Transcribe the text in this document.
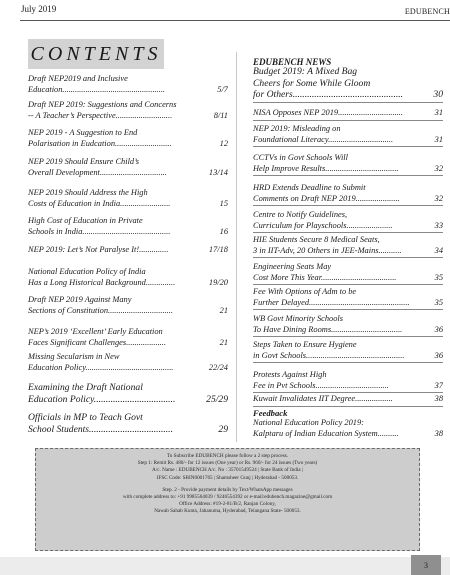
July 2019	EDUBENCH
CONTENTS
Draft NEP2019 and Inclusive
5/7
Education.................................................
Draft NEP 2019: Suggestions and Concerns
8/11
-- A Teacher’s Perspective...........................
NEP 2019 - A Suggestion to End
12
Polarisation in Eudcation...........................
NEP 2019 Should Ensure Child’s
13/14
Overall Development................................
NEP 2019 Should Address the High
15
Costs of Education in India........................
High Cost of Education in Private
16
Schools in India..........................................
17/18
NEP 2019: Let’s Not Paralyse It!..............
National Education Policy of India
19/20
Has a Long Historical Background..............
Draft NEP 2019 Against Many
21
Sections of Constitution...............................
NEP’s 2019 ‘Excellent’ Early Education
21
Faces Significant Challenges...................
Missing Secularism in New
22/24
Education Policy..........................................
Examining the Draft National
25/29
Education Policy..................................
Officials in MP to Teach Govt
29
School Students...................................
EDUBENCH NEWS
Feedback
Budget 2019: A Mixed Bag
Cheers for Some While Gloom
30
for Others..............................................
31
NISA Opposes NEP 2019...............................
NEP 2019: Misleading on
31
Foundational Literacy...............................
CCTVs in Govt Schools Will
32
Help Improve Results...................................
HRD Extends Deadline to Submit
32
Comments on Draft NEP 2019.....................
Centre to Notify Guidelines,
33
Curriculum for Playschools......................
HIE Students Secure 8 Medical Seats,
34
3 in IIT-Adv, 20 Others in JEE-Mains...........
Engineering Seats May
35
Cost More This Year....................................
Fee With Options of Adm to be
35
Further Delayed................................................
WB Govt Minority Schools
36
To Have Dining Rooms..................................
Steps Taken to Ensure Hygiene
36
in Govt Schools...............................................
Protests Against High
37
Fee in Pvt Schools...................................
38
Kuwait Invalidates IIT Degree..................
National Education Policy 2019:
38
Kalptaru of Indian Education System..........
To Subscribe EDUBENCH please follow a 2 step process.
Step 1: Remit Rs. 480/- for 12 issues (One year) or Rs. 960/- for 24 issues (Two years)
A/c. Name : EDUBENCH A/c. No : 35701549524 | State Bank of India |
IFSC Code: SBIN0001765 | Shamsheer Gunj | Hyderabad - 500053.
Step. 2 - Provide payment details by Text/WhatsApp messages
with complete address to: +91 9985564039 / 9246554392 or e-mail:edubench.magazine@gmail.com
Office Address: #19-2-81/B/2, Ranjan Colony,
Nawab Sahab Kunta, Jahanuma, Hyderabad, Telangana State- 500053.
3
